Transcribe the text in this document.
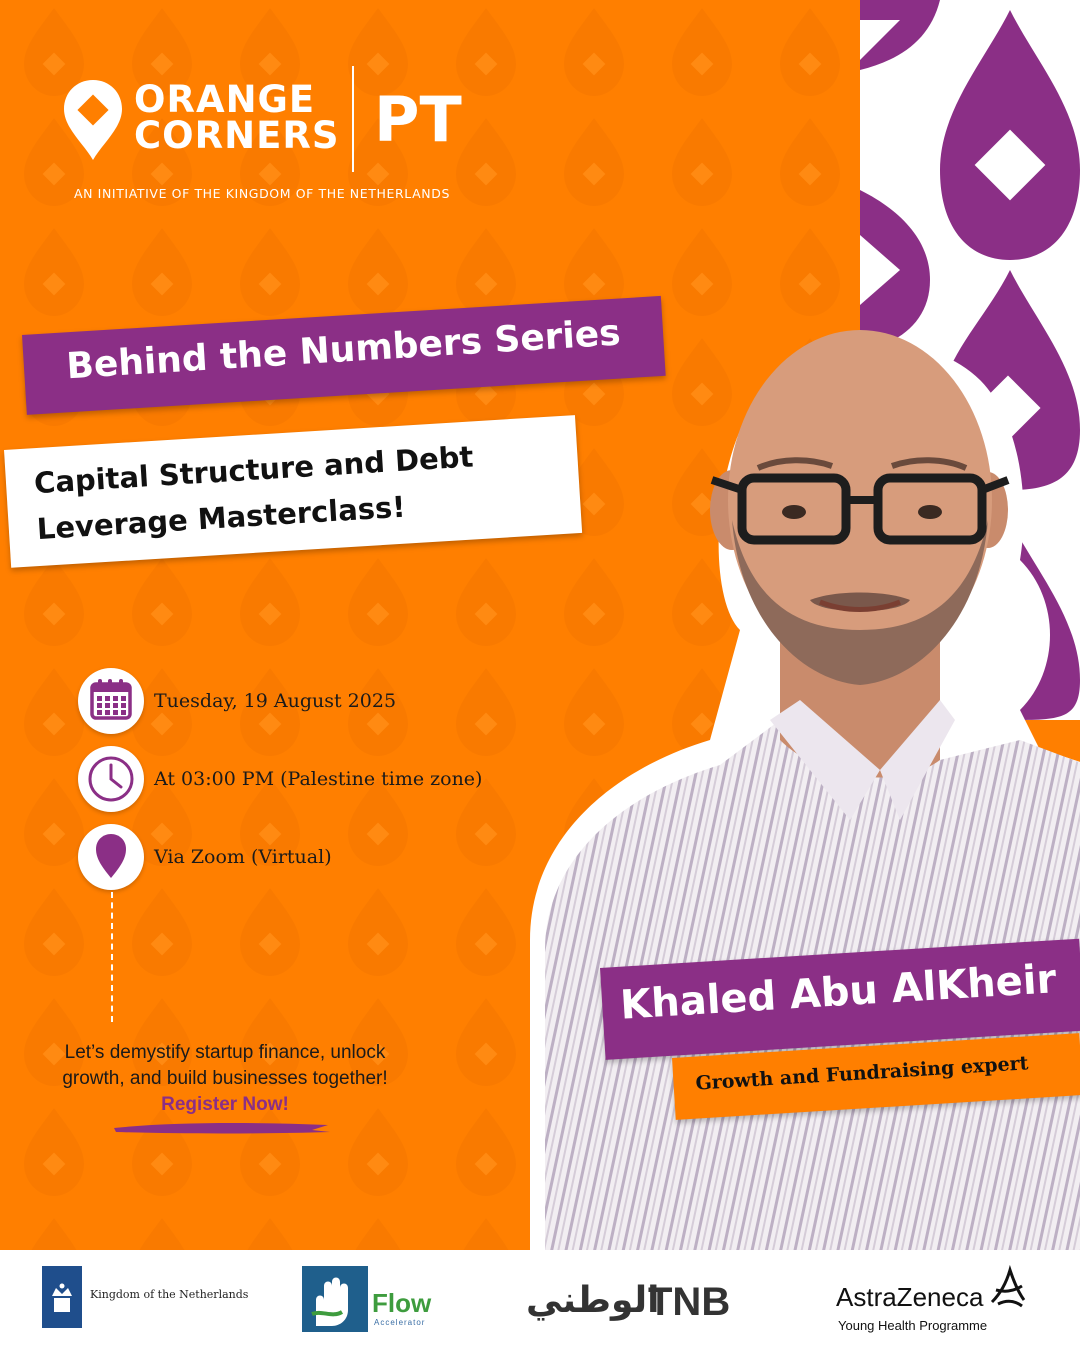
ORANGE
CORNERS PT
AN INITIATIVE OF THE KINGDOM OF THE NETHERLANDS
Behind the Numbers Series
Capital Structure and Debt
Leverage Masterclass!
Tuesday, 19 August 2025
At 03:00 PM (Palestine time zone)
Via Zoom (Virtual)
Let’s demystify startup finance, unlock
growth, and build businesses together!
Register Now!
Khaled Abu AlKheir
Growth and Fundraising expert
Kingdom of the Netherlands	Flow
Accelerator
الوطني
TNB	AstraZeneca
Young Health Programme
